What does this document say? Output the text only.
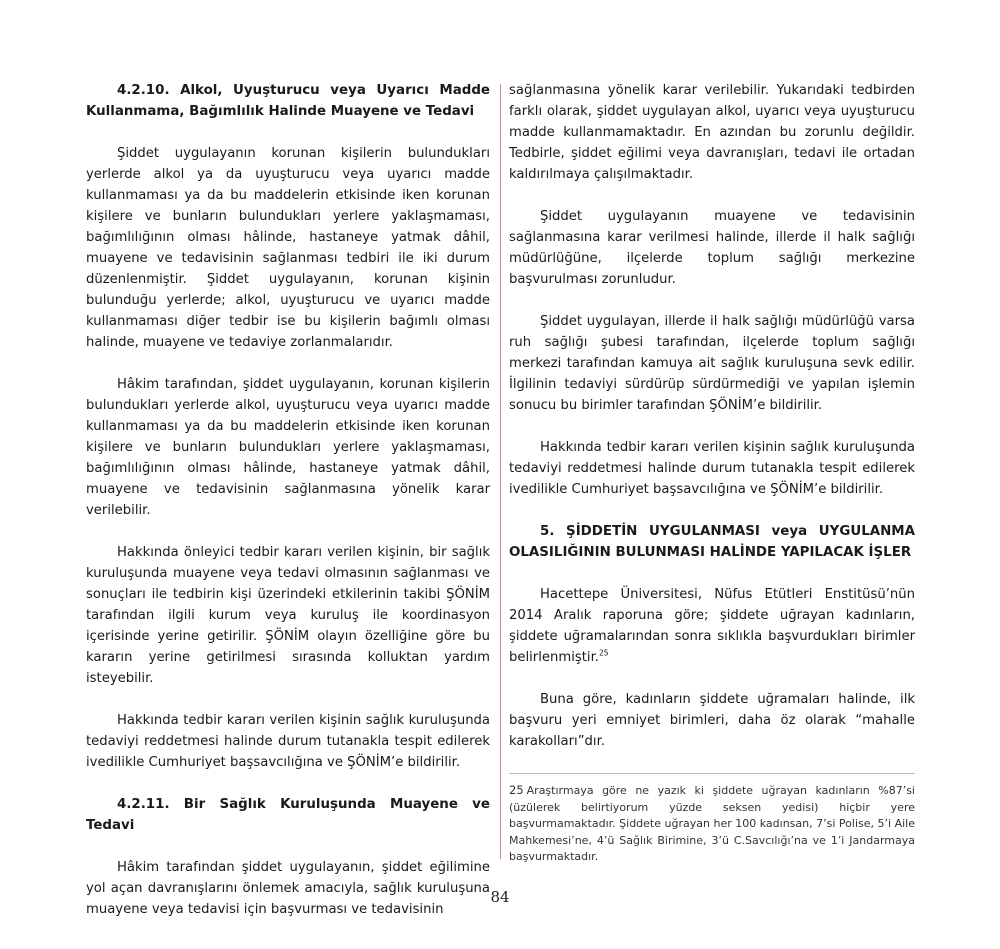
4.2.10. Alkol, Uyuşturucu veya Uyarıcı Madde Kullanmama, Bağımlılık Halinde Muayene ve Tedavi

Şiddet uygulayanın korunan kişilerin bulundukları yerlerde alkol ya da uyuşturucu veya uyarıcı madde kullanmaması ya da bu maddelerin etkisinde iken korunan kişilere ve bunların bulundukları yerlere yaklaşmaması, bağımlılığının olması hâlinde, hastaneye yatmak dâhil, muayene ve tedavisinin sağlanması tedbiri ile iki durum düzenlenmiştir. Şiddet uygulayanın, korunan kişinin bulunduğu yerlerde; alkol, uyuşturucu ve uyarıcı madde kullanmaması diğer tedbir ise bu kişilerin bağımlı olması halinde, muayene ve tedaviye zorlanmalarıdır.

Hâkim tarafından, şiddet uygulayanın, korunan kişilerin bulundukları yerlerde alkol, uyuşturucu veya uyarıcı madde kullanmaması ya da bu maddelerin etkisinde iken korunan kişilere ve bunların bulundukları yerlere yaklaşmaması, bağımlılığının olması hâlinde, hastaneye yatmak dâhil, muayene ve tedavisinin sağlanmasına yönelik karar verilebilir.

Hakkında önleyici tedbir kararı verilen kişinin, bir sağlık kuruluşunda muayene veya tedavi olmasının sağlanması ve sonuçları ile tedbirin kişi üzerindeki etkilerinin takibi ŞÖNİM tarafından ilgili kurum veya kuruluş ile koordinasyon içerisinde yerine getirilir. ŞÖNİM olayın özelliğine göre bu kararın yerine getirilmesi sırasında kolluktan yardım isteyebilir.

Hakkında tedbir kararı verilen kişinin sağlık kuruluşunda tedaviyi reddetmesi halinde durum tutanakla tespit edilerek ivedilikle Cumhuriyet başsavcılığına ve ŞÖNİM’e bildirilir.

4.2.11. Bir Sağlık Kuruluşunda Muayene ve Tedavi

Hâkim tarafından şiddet uygulayanın, şiddet eğilimine yol açan davranışlarını önlemek amacıyla, sağlık kuruluşuna muayene veya tedavisi için başvurması ve tedavisinin

sağlanmasına yönelik karar verilebilir. Yukarıdaki tedbirden farklı olarak, şiddet uygulayan alkol, uyarıcı veya uyuşturucu madde kullanmamaktadır. En azından bu zorunlu değildir. Tedbirle, şiddet eğilimi veya davranışları, tedavi ile ortadan kaldırılmaya çalışılmaktadır.

Şiddet uygulayanın muayene ve tedavisinin sağlanmasına karar verilmesi halinde, illerde il halk sağlığı müdürlüğüne, ilçelerde toplum sağlığı merkezine başvurulması zorunludur.

Şiddet uygulayan, illerde il halk sağlığı müdürlüğü varsa ruh sağlığı şubesi tarafından, ilçelerde toplum sağlığı merkezi tarafından kamuya ait sağlık kuruluşuna sevk edilir. İlgilinin tedaviyi sürdürüp sürdürmediği ve yapılan işlemin sonucu bu birimler tarafından ŞÖNİM’e bildirilir.

Hakkında tedbir kararı verilen kişinin sağlık kuruluşunda tedaviyi reddetmesi halinde durum tutanakla tespit edilerek ivedilikle Cumhuriyet başsavcılığına ve ŞÖNİM’e bildirilir.

5. ŞİDDETİN UYGULANMASI veya UYGULANMA OLASILIĞININ BULUNMASI HALİNDE YAPILACAK İŞLER

Hacettepe Üniversitesi, Nüfus Etütleri Enstitüsü’nün 2014 Aralık raporuna göre; şiddete uğrayan kadınların, şiddete uğramalarından sonra sıklıkla başvurdukları birimler belirlenmiştir.$^{25}$

Buna göre, kadınların şiddete uğramaları halinde, ilk başvuru yeri emniyet birimleri, daha öz olarak “mahalle karakolları”dır.

25 Araştırmaya göre ne yazık ki şiddete uğrayan kadınların %87’si (üzülerek belirtiyorum yüzde seksen yedisi) hiçbir yere başvurmamaktadır. Şiddete uğrayan her 100 kadınsan, 7’si Polise, 5’i Aile Mahkemesi’ne, 4’ü Sağlık Birimine, 3’ü C.Savcılığı’na ve 1’i Jandarmaya başvurmaktadır.
84
